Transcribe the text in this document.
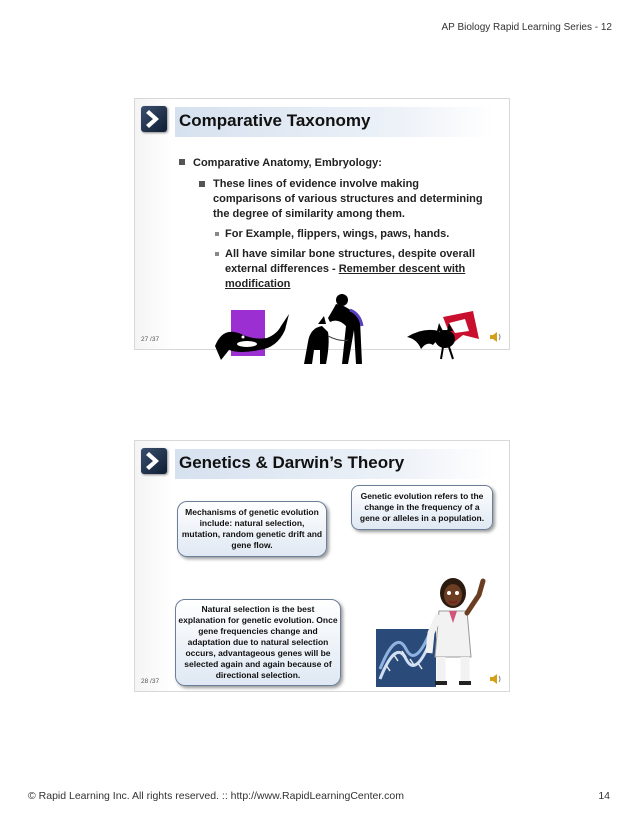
AP Biology Rapid Learning Series - 12
Comparative Taxonomy
Comparative Anatomy, Embryology:
These lines of evidence involve making comparisons of various structures and determining the degree of similarity among them.
For Example, flippers, wings, paws, hands.
All have similar bone structures, despite overall external differences - Remember descent with modification
27 /37
Genetics & Darwin’s Theory
Mechanisms of genetic evolution include: natural selection, mutation, random genetic drift and gene flow.
Genetic evolution refers to the change in the frequency of a gene or alleles in a population.
Natural selection is the best explanation for genetic evolution. Once gene frequencies change and adaptation due to natural selection occurs, advantageous genes will be selected again and again because of directional selection.
28 /37
© Rapid Learning Inc. All rights reserved. :: http://www.RapidLearningCenter.com	14
